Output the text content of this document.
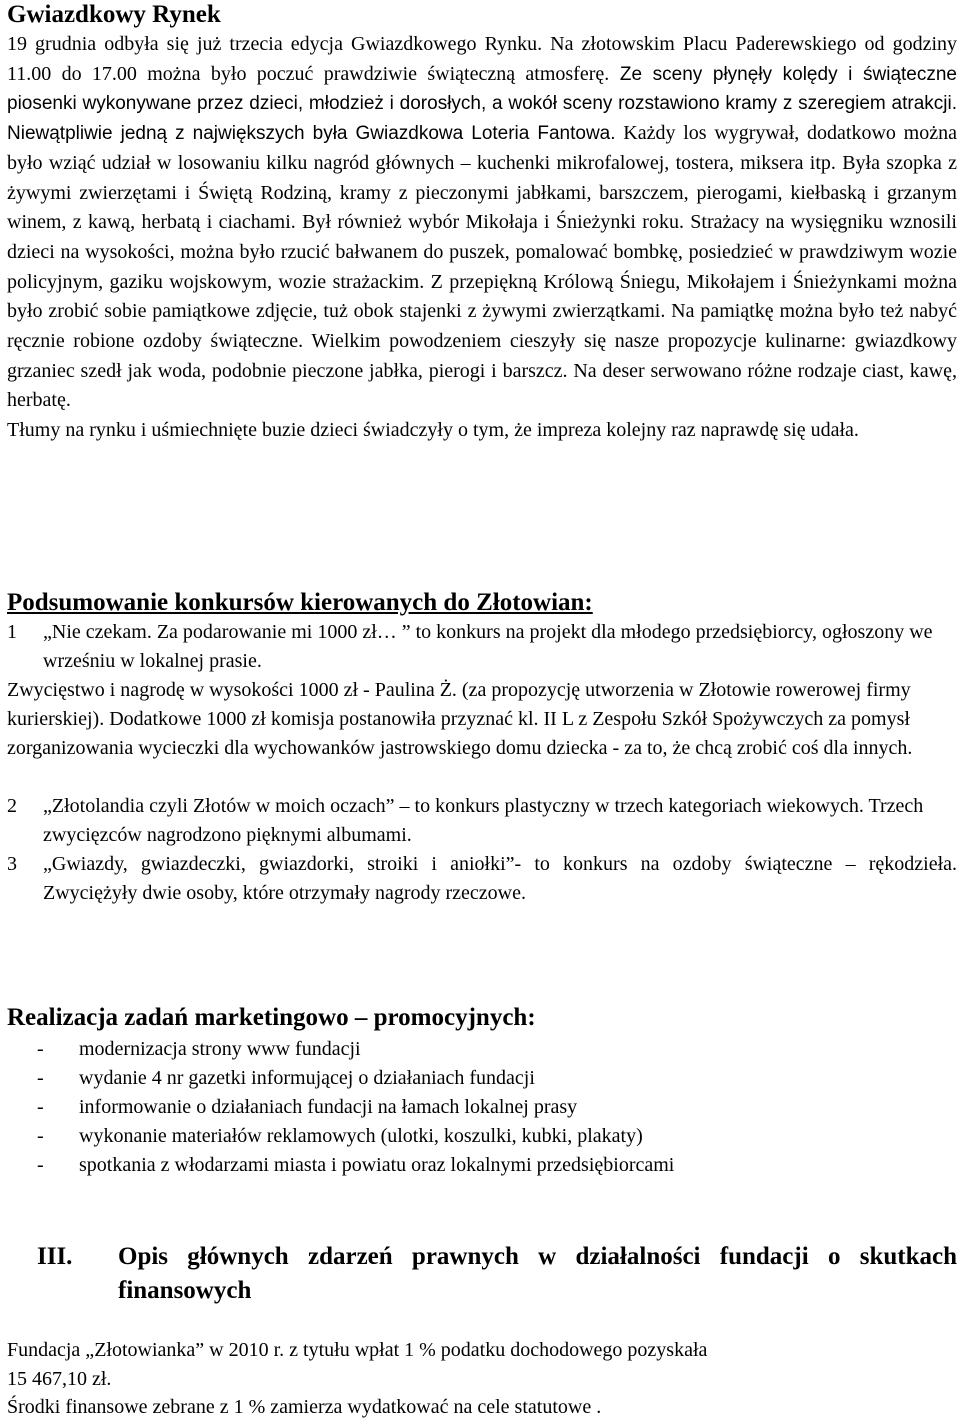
Gwiazdkowy Rynek

19 grudnia odbyła się już trzecia edycja Gwiazdkowego Rynku. Na złotowskim Placu Paderewskiego od godziny 11.00 do 17.00 można było poczuć prawdziwie świąteczną atmosferę. Ze sceny płynęły kolędy i świąteczne piosenki wykonywane przez dzieci, młodzież i dorosłych, a wokół sceny rozstawiono kramy z szeregiem atrakcji. Niewątpliwie jedną z największych była Gwiazdkowa Loteria Fantowa. Każdy los wygrywał, dodatkowo można było wziąć udział w losowaniu kilku nagród głównych – kuchenki mikrofalowej, tostera, miksera itp. Była szopka z żywymi zwierzętami i Świętą Rodziną, kramy z pieczonymi jabłkami, barszczem, pierogami, kiełbaską i grzanym winem, z kawą, herbatą i ciachami. Był również wybór Mikołaja i Śnieżynki roku. Strażacy na wysięgniku wznosili dzieci na wysokości, można było rzucić bałwanem do puszek, pomalować bombkę, posiedzieć w prawdziwym wozie policyjnym, gaziku wojskowym, wozie strażackim. Z przepiękną Królową Śniegu, Mikołajem i Śnieżynkami można było zrobić sobie pamiątkowe zdjęcie, tuż obok stajenki z żywymi zwierzątkami. Na pamiątkę można było też nabyć ręcznie robione ozdoby świąteczne. Wielkim powodzeniem cieszyły się nasze propozycje kulinarne: gwiazdkowy grzaniec szedł jak woda, podobnie pieczone jabłka, pierogi i barszcz. Na deser serwowano różne rodzaje ciast, kawę, herbatę.
Tłumy na rynku i uśmiechnięte buzie dzieci świadczyły o tym, że impreza kolejny raz naprawdę się udała.

Podsumowanie konkursów kierowanych do Złotowian:
1 „Nie czekam. Za podarowanie mi 1000 zł… ” to konkurs na projekt dla młodego przedsiębiorcy, ogłoszony we wrześniu w lokalnej prasie.

Zwycięstwo i nagrodę w wysokości 1000 zł - Paulina Ż. (za propozycję utworzenia w Złotowie rowerowej firmy kurierskiej). Dodatkowe 1000 zł komisja postanowiła przyznać kl. II L z Zespołu Szkół Spożywczych za pomysł zorganizowania wycieczki dla wychowanków jastrowskiego domu dziecka - za to, że chcą zrobić coś dla innych.

2 „Złotolandia czyli Złotów w moich oczach” – to konkurs plastyczny w trzech kategoriach wiekowych. Trzech zwycięzców nagrodzono pięknymi albumami.
3 „Gwiazdy, gwiazdeczki, gwiazdorki, stroiki i aniołki”- to konkurs na ozdoby świąteczne – rękodzieła. Zwyciężyły dwie osoby, które otrzymały nagrody rzeczowe.
Realizacja zadań marketingowo – promocyjnych:
- modernizacja strony www fundacji
- wydanie 4 nr gazetki informującej o działaniach fundacji
- informowanie o działaniach fundacji na łamach lokalnej prasy
- wykonanie materiałów reklamowych (ulotki, koszulki, kubki, plakaty)
- spotkania z włodarzami miasta i powiatu oraz lokalnymi przedsiębiorcami
III. Opis głównych zdarzeń prawnych w działalności fundacji o skutkach finansowych
Fundacja „Złotowianka” w 2010 r. z tytułu wpłat 1 % podatku dochodowego pozyskała
15 467,10 zł.
Środki finansowe zebrane z 1 % zamierza wydatkować na cele statutowe .
